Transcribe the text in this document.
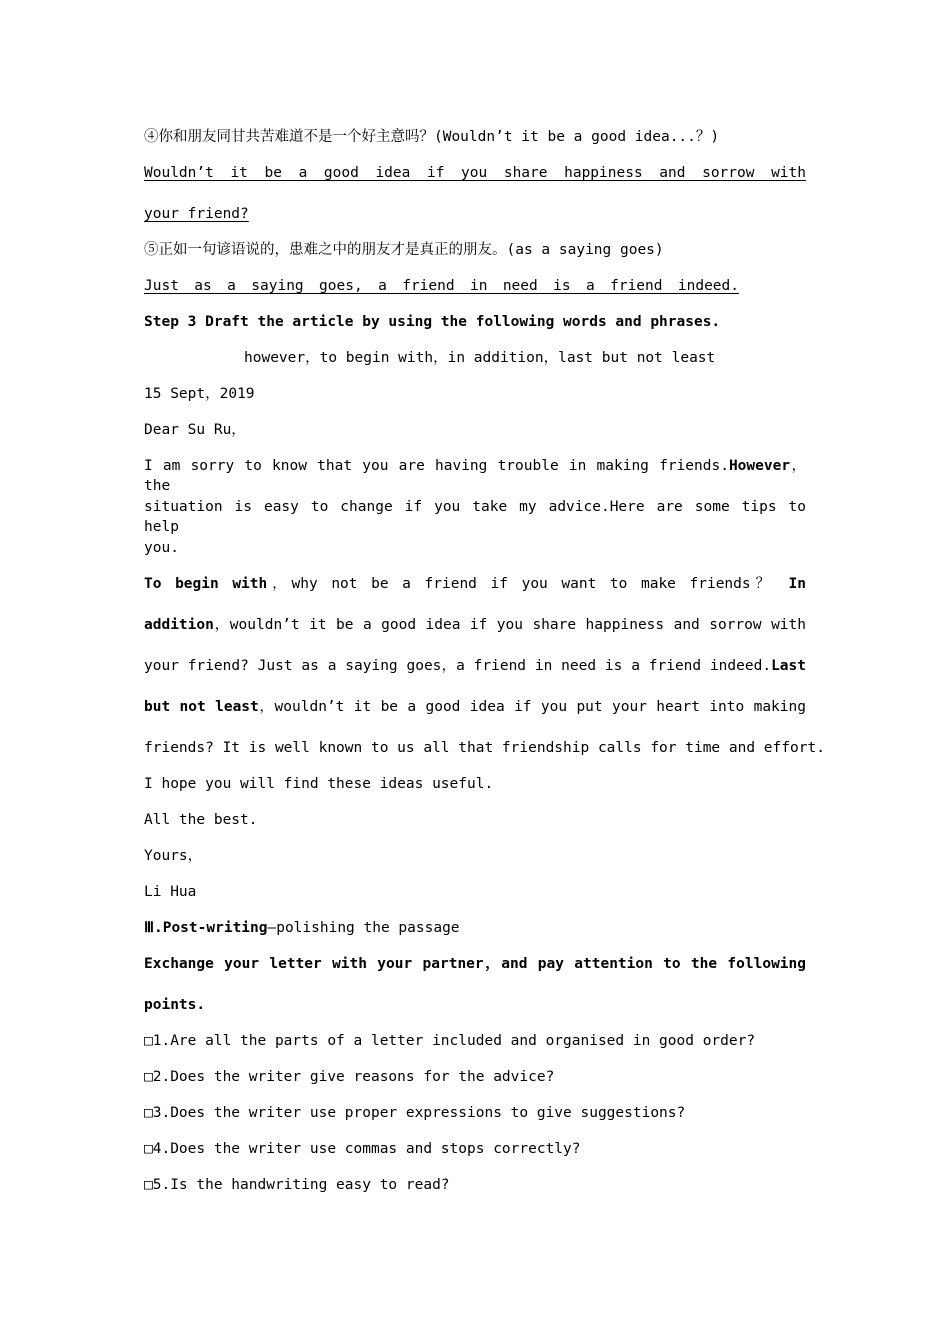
④你和朋友同甘共苦难道不是一个好主意吗？(Wouldn’t it be a good idea...？)
Wouldn’t it be a good idea if you share happiness and sorrow with
your friend?
⑤正如一句谚语说的，患难之中的朋友才是真正的朋友。(as a saying goes)
Just as a saying goes, a friend in need is a friend indeed.
Step 3 Draft the article by using the following words and phrases.
however，to begin with，in addition，last but not least
15 Sept，2019
Dear Su Ru，
I am sorry to know that you are having trouble in making friends.However，the
situation is easy to change if you take my advice.Here are some tips to help
you.
To begin with，why not be a friend if you want to make friends？ In
addition，wouldn’t it be a good idea if you share happiness and sorrow with
your friend? Just as a saying goes，a friend in need is a friend indeed.Last
but not least，wouldn’t it be a good idea if you put your heart into making
friends? It is well known to us all that friendship calls for time and effort.
I hope you will find these ideas useful.
All the best.
Yours，
Li Hua
Ⅲ.Post-writing—polishing the passage
Exchange your letter with your partner，and pay attention to the following
points.
□1.Are all the parts of a letter included and organised in good order?
□2.Does the writer give reasons for the advice?
□3.Does the writer use proper expressions to give suggestions?
□4.Does the writer use commas and stops correctly?
□5.Is the handwriting easy to read?
